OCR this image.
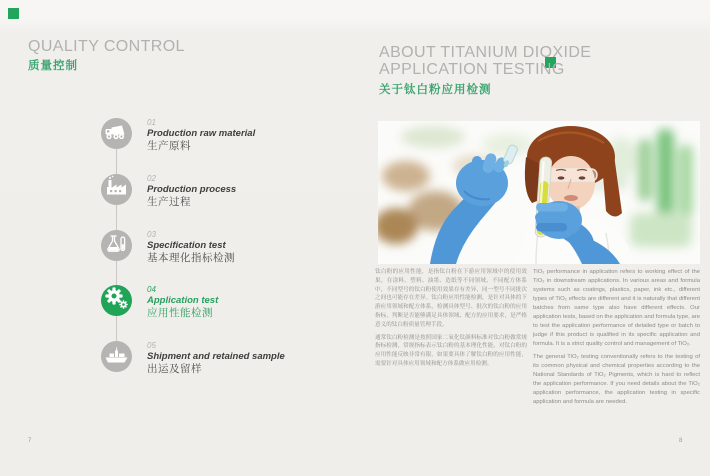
QUALITY CONTROL
质量控制
01
Production raw material
生产原料
02
Production process
生产过程
03
Specification test
基本理化指标检测
04
Application test
应用性能检测
05
Shipment and retained sample
出运及留样
7
ABOUT TITANIUM DIOXIDE
APPLICATION TESTING
关于钛白粉应用检测

钛白粉的应用性能，是指钛白粉在下游应用领域中的使用效果，在涂料、塑料、油墨、造纸等不同领域、不同配方体系中，不同型号的钛白粉使用效果存有差异，同一型号不同批次之间也可能存在差异。钛白粉应用性能检测，是针对具体的下游应用领域和配方体系，检测具体型号、批次的钛白粉的应用指标，判断是否能够满足具体领域、配方的应用要求，是严格意义的钛白粉质量管理手段。

通常钛白粉检测是按照国家二氧化钛颜料标准对钛白粉做常规指标检测，常规指标表示钛白粉的基本理化性能，对钛白粉的应用性能反映非常有限，如果要具体了解钛白粉的应用性能，需要针对具体应用领域和配方体系做应用检测。

TiO₂ performance in application refers to working effect of the TiO₂ in downstream applications. In various areas and formula systems such as coatings, plastics, paper, ink etc., different types of TiO₂ effects are different and it is naturally that different batches from same type also have different effects. Our application tests, based on the application and formula type, are to test the application performance of detailed type or batch to judge if this product is qualified in its specific application and formula. It is a strict quality control and management of TiO₂.

The general TiO₂ testing conventionally refers to the testing of its common physical and chemical properties according to the National Standards of TiO₂ Pigments, which is hard to reflect the application performance. If you need details about the TiO₂ application performance, the application testing in specific application and formula are needed.

8
